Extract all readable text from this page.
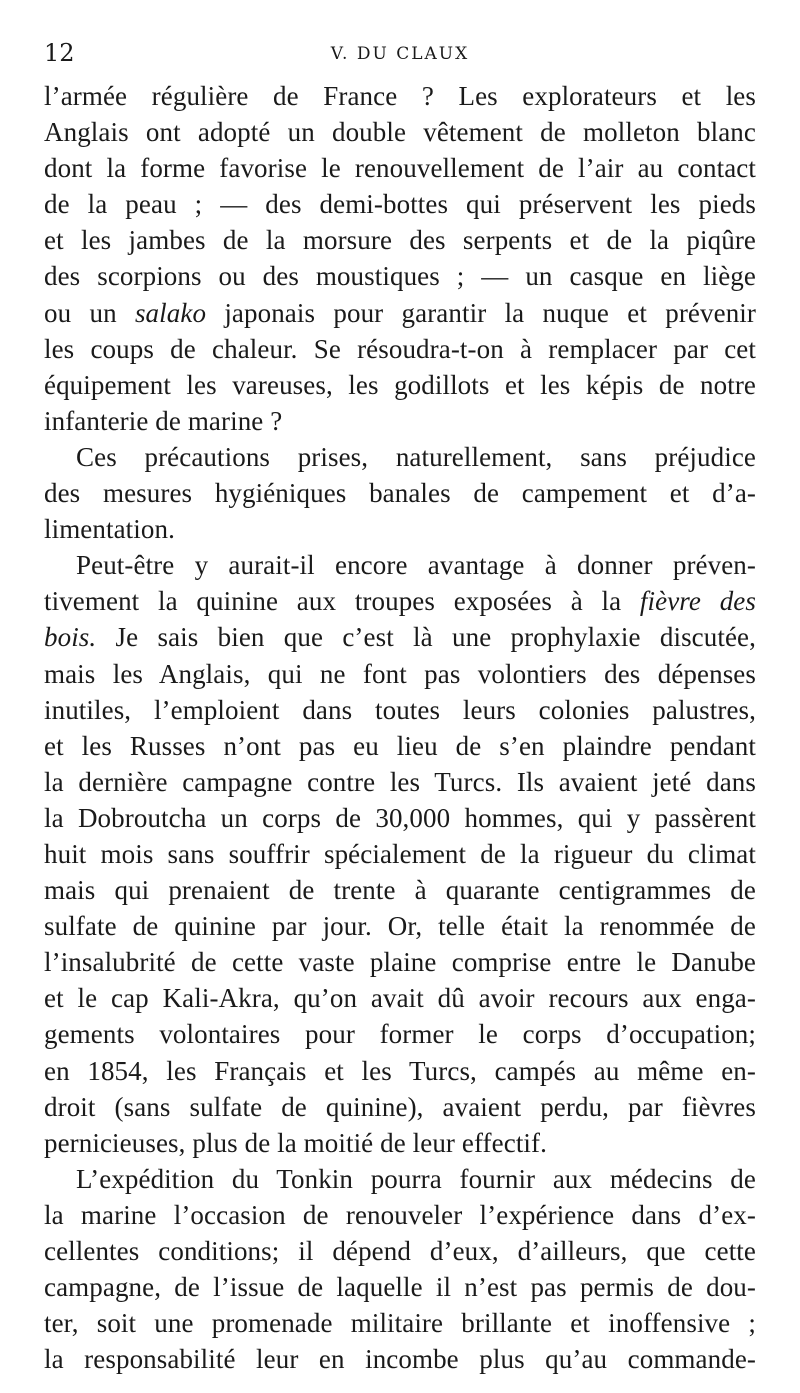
12	V. DU CLAUX
l’armée régulière de France ? Les explorateurs et les
Anglais ont adopté un double vêtement de molleton blanc
dont la forme favorise le renouvellement de l’air au contact
de la peau ; — des demi-bottes qui préservent les pieds
et les jambes de la morsure des serpents et de la piqûre
des scorpions ou des moustiques ; — un casque en liège
ou un salako japonais pour garantir la nuque et prévenir
les coups de chaleur. Se résoudra-t-on à remplacer par cet
équipement les vareuses, les godillots et les képis de notre
infanterie de marine ?
Ces précautions prises, naturellement, sans préjudice
des mesures hygiéniques banales de campement et d’a-
limentation.
Peut-être y aurait-il encore avantage à donner préven-
tivement la quinine aux troupes exposées à la fièvre des
bois. Je sais bien que c’est là une prophylaxie discutée,
mais les Anglais, qui ne font pas volontiers des dépenses
inutiles, l’emploient dans toutes leurs colonies palustres,
et les Russes n’ont pas eu lieu de s’en plaindre pendant
la dernière campagne contre les Turcs. Ils avaient jeté dans
la Dobroutcha un corps de 30,000 hommes, qui y passèrent
huit mois sans souffrir spécialement de la rigueur du climat
mais qui prenaient de trente à quarante centigrammes de
sulfate de quinine par jour. Or, telle était la renommée de
l’insalubrité de cette vaste plaine comprise entre le Danube
et le cap Kali-Akra, qu’on avait dû avoir recours aux enga-
gements volontaires pour former le corps d’occupation;
en 1854, les Français et les Turcs, campés au même en-
droit (sans sulfate de quinine), avaient perdu, par fièvres
pernicieuses, plus de la moitié de leur effectif.
L’expédition du Tonkin pourra fournir aux médecins de
la marine l’occasion de renouveler l’expérience dans d’ex-
cellentes conditions; il dépend d’eux, d’ailleurs, que cette
campagne, de l’issue de laquelle il n’est pas permis de dou-
ter, soit une promenade militaire brillante et inoffensive ;
la responsabilité leur en incombe plus qu’au commande-
